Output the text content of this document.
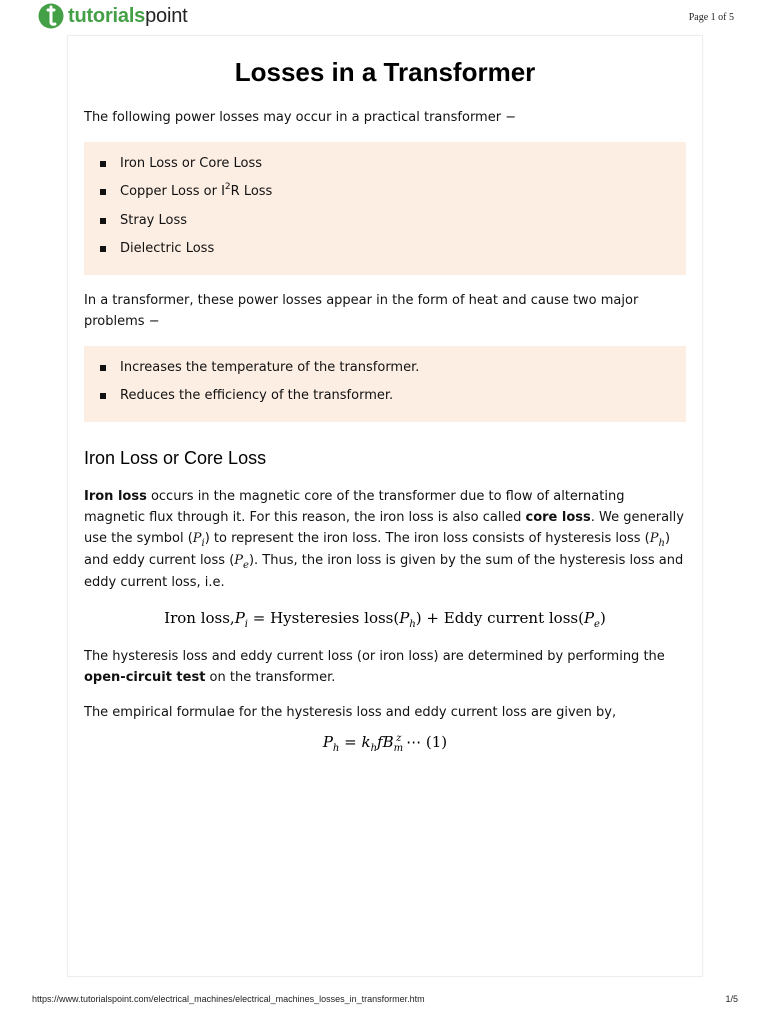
tutorialspoint	Page 1 of 5
Losses in a Transformer

The following power losses may occur in a practical transformer −

Iron Loss or Core Loss
Copper Loss or $I^2R$ Loss
Stray Loss
Dielectric Loss

In a transformer, these power losses appear in the form of heat and cause two major problems −

Increases the temperature of the transformer.
Reduces the efficiency of the transformer.
Iron Loss or Core Loss

Iron loss occurs in the magnetic core of the transformer due to flow of alternating magnetic flux through it. For this reason, the iron loss is also called core loss. We generally use the symbol $(P_i)$ to represent the iron loss. The iron loss consists of hysteresis loss $(P_h)$ and eddy current loss $(P_e)$. Thus, the iron loss is given by the sum of the hysteresis loss and eddy current loss, i.e.

Iron $loss,P_i$ = Hysteresies $loss(P_h)$ + Eddy current $loss(P_e)$

The hysteresis loss and eddy current loss (or iron loss) are determined by performing the open-circuit test on the transformer.

The empirical formulae for the hysteresis loss and eddy current loss are given by,

$P_h = k_hfB_m^z$ ⋯ (1)
https://www.tutorialspoint.com/electrical_machines/electrical_machines_losses_in_transformer.htm	1/5
